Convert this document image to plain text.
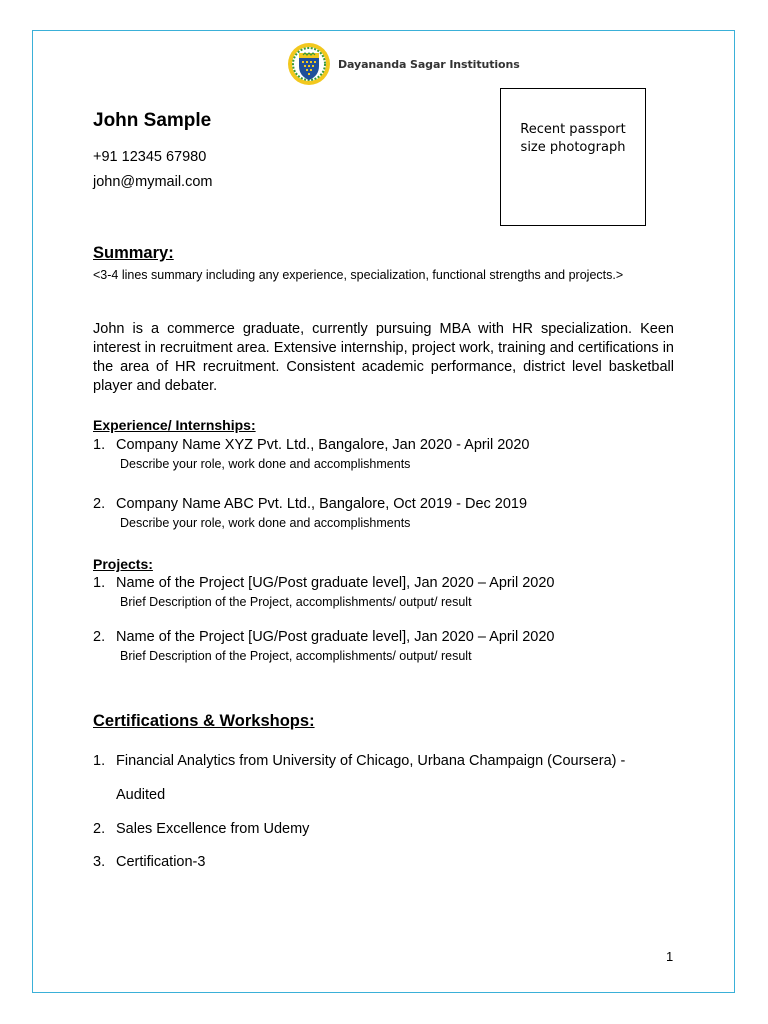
Dayananda Sagar Institutions
John Sample
+91 12345 67980
john@mymail.com
Recent passport
size photograph
Summary:
<3-4 lines summary including any experience, specialization, functional strengths and projects.>
John is a commerce graduate, currently pursuing MBA with HR specialization. Keen interest in recruitment area. Extensive internship, project work, training and certifications in the area of HR recruitment. Consistent academic performance, district level basketball player and debater.
Experience/ Internships:
1. Company Name XYZ Pvt. Ltd., Bangalore, Jan 2020 - April 2020
Describe your role, work done and accomplishments
2. Company Name ABC Pvt. Ltd., Bangalore, Oct 2019 - Dec 2019
Describe your role, work done and accomplishments
Projects:
1. Name of the Project [UG/Post graduate level], Jan 2020 – April 2020
Brief Description of the Project, accomplishments/ output/ result
2. Name of the Project [UG/Post graduate level], Jan 2020 – April 2020
Brief Description of the Project, accomplishments/ output/ result
Certifications & Workshops:
1. Financial Analytics from University of Chicago, Urbana Champaign (Coursera) -
Audited
2. Sales Excellence from Udemy
3. Certification-3
1
